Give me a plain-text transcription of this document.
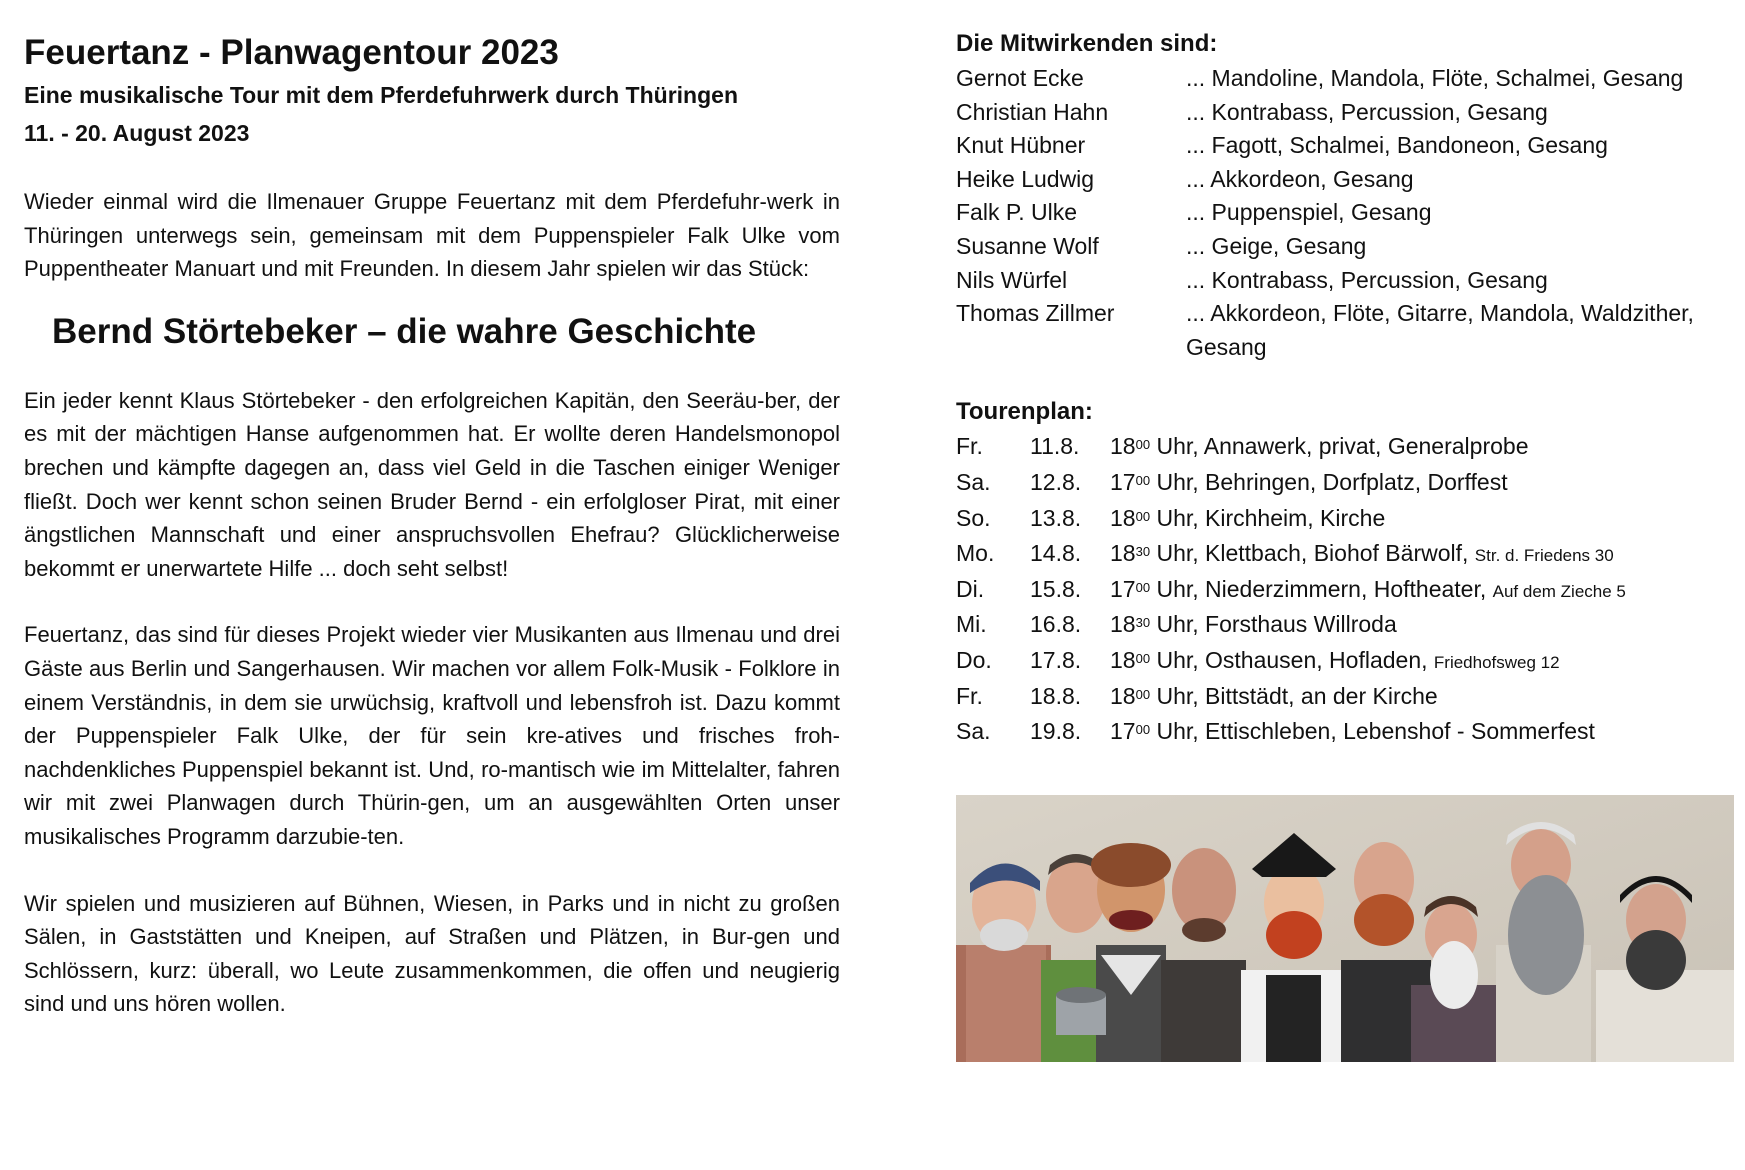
Feuertanz - Planwagentour 2023

Eine musikalische Tour mit dem Pferdefuhrwerk durch Thüringen

11. - 20. August 2023

Wieder einmal wird die Ilmenauer Gruppe Feuertanz mit dem Pferdefuhr-werk in Thüringen unterwegs sein, gemeinsam mit dem Puppenspieler Falk Ulke vom Puppentheater Manuart und mit Freunden. In diesem Jahr spielen wir das Stück:

Bernd Störtebeker – die wahre Geschichte

Ein jeder kennt Klaus Störtebeker - den erfolgreichen Kapitän, den Seeräu-ber, der es mit der mächtigen Hanse aufgenommen hat. Er wollte deren Handelsmonopol brechen und kämpfte dagegen an, dass viel Geld in die Taschen einiger Weniger fließt. Doch wer kennt schon seinen Bruder Bernd - ein erfolgloser Pirat, mit einer ängstlichen Mannschaft und einer anspruchsvollen Ehefrau? Glücklicherweise bekommt er unerwartete Hilfe ... doch seht selbst!

Feuertanz, das sind für dieses Projekt wieder vier Musikanten aus Ilmenau und drei Gäste aus Berlin und Sangerhausen. Wir machen vor allem Folk-Musik - Folklore in einem Verständnis, in dem sie urwüchsig, kraftvoll und lebensfroh ist. Dazu kommt der Puppenspieler Falk Ulke, der für sein kre-atives und frisches froh-nachdenkliches Puppenspiel bekannt ist. Und, ro-mantisch wie im Mittelalter, fahren wir mit zwei Planwagen durch Thürin-gen, um an ausgewählten Orten unser musikalisches Programm darzubie-ten.

Wir spielen und musizieren auf Bühnen, Wiesen, in Parks und in nicht zu großen Sälen, in Gaststätten und Kneipen, auf Straßen und Plätzen, in Bur-gen und Schlössern, kurz: überall, wo Leute zusammenkommen, die offen und neugierig sind und uns hören wollen.

Die Mitwirkenden sind:

Gernot Ecke	... Mandoline, Mandola, Flöte, Schalmei, Gesang
Christian Hahn	... Kontrabass, Percussion, Gesang
Knut Hübner	... Fagott, Schalmei, Bandoneon, Gesang
Heike Ludwig	... Akkordeon, Gesang
Falk P. Ulke	... Puppenspiel, Gesang
Susanne Wolf	... Geige, Gesang
Nils Würfel	... Kontrabass, Percussion, Gesang
Thomas Zillmer	... Akkordeon, Flöte, Gitarre, Mandola, Waldzither, Gesang

Tourenplan:

Fr.	11.8.	$18^{00}$ Uhr, Annawerk, privat, Generalprobe
Sa.	12.8.	$17^{00}$ Uhr, Behringen, Dorfplatz, Dorffest
So.	13.8.	$18^{00}$ Uhr, Kirchheim, Kirche
Mo.	14.8.	$18^{30}$ Uhr, Klettbach, Biohof Bärwolf, Str. d. Friedens 30
Di.	15.8.	$17^{00}$ Uhr, Niederzimmern, Hoftheater, Auf dem Zieche 5
Mi.	16.8.	$18^{30}$ Uhr, Forsthaus Willroda
Do.	17.8.	$18^{00}$ Uhr, Osthausen, Hofladen, Friedhofsweg 12
Fr.	18.8.	$18^{00}$ Uhr, Bittstädt, an der Kirche
Sa.	19.8.	$17^{00}$ Uhr, Ettischleben, Lebenshof - Sommerfest
